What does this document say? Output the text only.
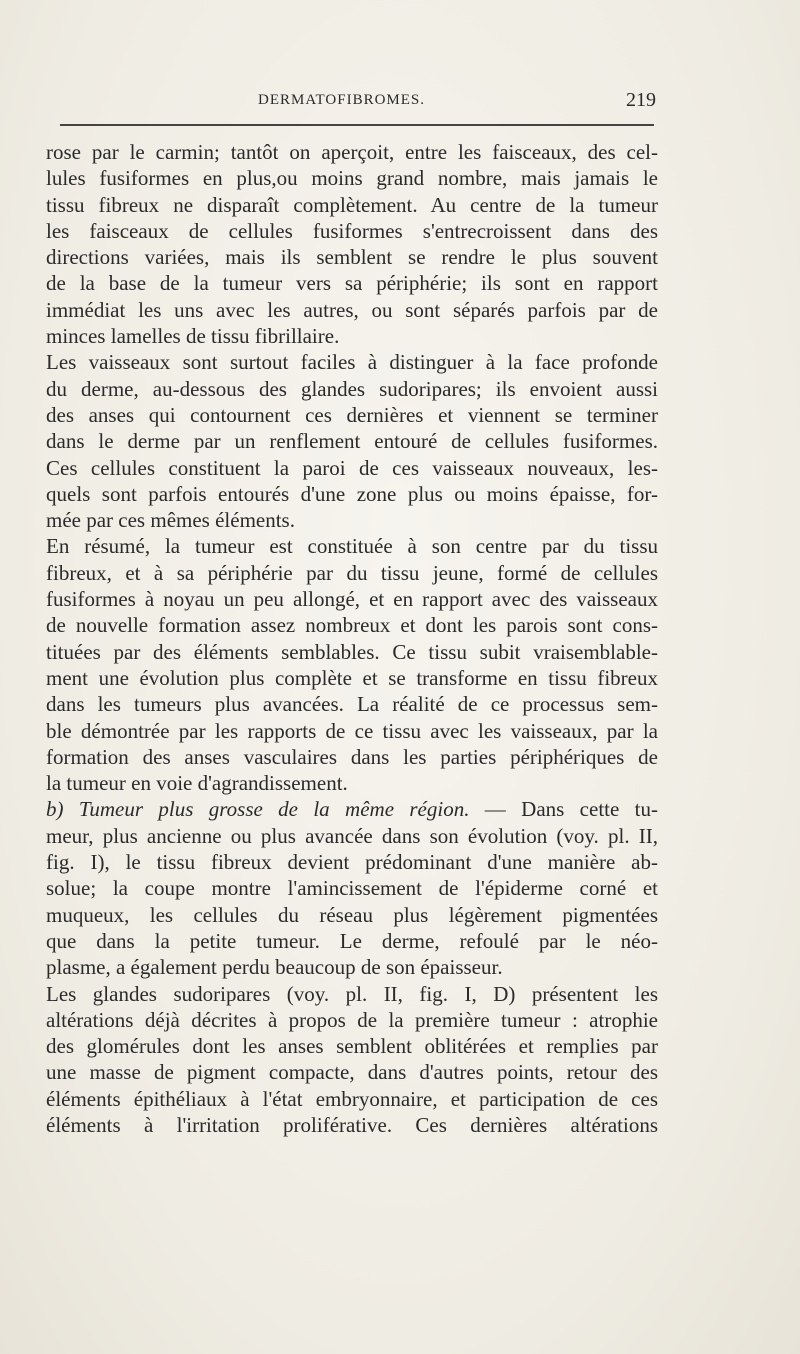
DERMATOFIBROMES.	219
rose par le carmin; tantôt on aperçoit, entre les faisceaux, des cel-
lules fusiformes en plus,ou moins grand nombre, mais jamais le
tissu fibreux ne disparaît complètement. Au centre de la tumeur
les faisceaux de cellules fusiformes s'entrecroissent dans des
directions variées, mais ils semblent se rendre le plus souvent
de la base de la tumeur vers sa périphérie; ils sont en rapport
immédiat les uns avec les autres, ou sont séparés parfois par de
minces lamelles de tissu fibrillaire.
Les vaisseaux sont surtout faciles à distinguer à la face profonde
du derme, au-dessous des glandes sudoripares; ils envoient aussi
des anses qui contournent ces dernières et viennent se terminer
dans le derme par un renflement entouré de cellules fusiformes.
Ces cellules constituent la paroi de ces vaisseaux nouveaux, les-
quels sont parfois entourés d'une zone plus ou moins épaisse, for-
mée par ces mêmes éléments.
En résumé, la tumeur est constituée à son centre par du tissu
fibreux, et à sa périphérie par du tissu jeune, formé de cellules
fusiformes à noyau un peu allongé, et en rapport avec des vaisseaux
de nouvelle formation assez nombreux et dont les parois sont cons-
tituées par des éléments semblables. Ce tissu subit vraisemblable-
ment une évolution plus complète et se transforme en tissu fibreux
dans les tumeurs plus avancées. La réalité de ce processus sem-
ble démontrée par les rapports de ce tissu avec les vaisseaux, par la
formation des anses vasculaires dans les parties périphériques de
la tumeur en voie d'agrandissement.
b) Tumeur plus grosse de la même région. — Dans cette tu-
meur, plus ancienne ou plus avancée dans son évolution (voy. pl. II,
fig. I), le tissu fibreux devient prédominant d'une manière ab-
solue; la coupe montre l'amincissement de l'épiderme corné et
muqueux, les cellules du réseau plus légèrement pigmentées
que dans la petite tumeur. Le derme, refoulé par le néo-
plasme, a également perdu beaucoup de son épaisseur.
Les glandes sudoripares (voy. pl. II, fig. I, D) présentent les
altérations déjà décrites à propos de la première tumeur : atrophie
des glomérules dont les anses semblent oblitérées et remplies par
une masse de pigment compacte, dans d'autres points, retour des
éléments épithéliaux à l'état embryonnaire, et participation de ces
éléments à l'irritation proliférative. Ces dernières altérations
